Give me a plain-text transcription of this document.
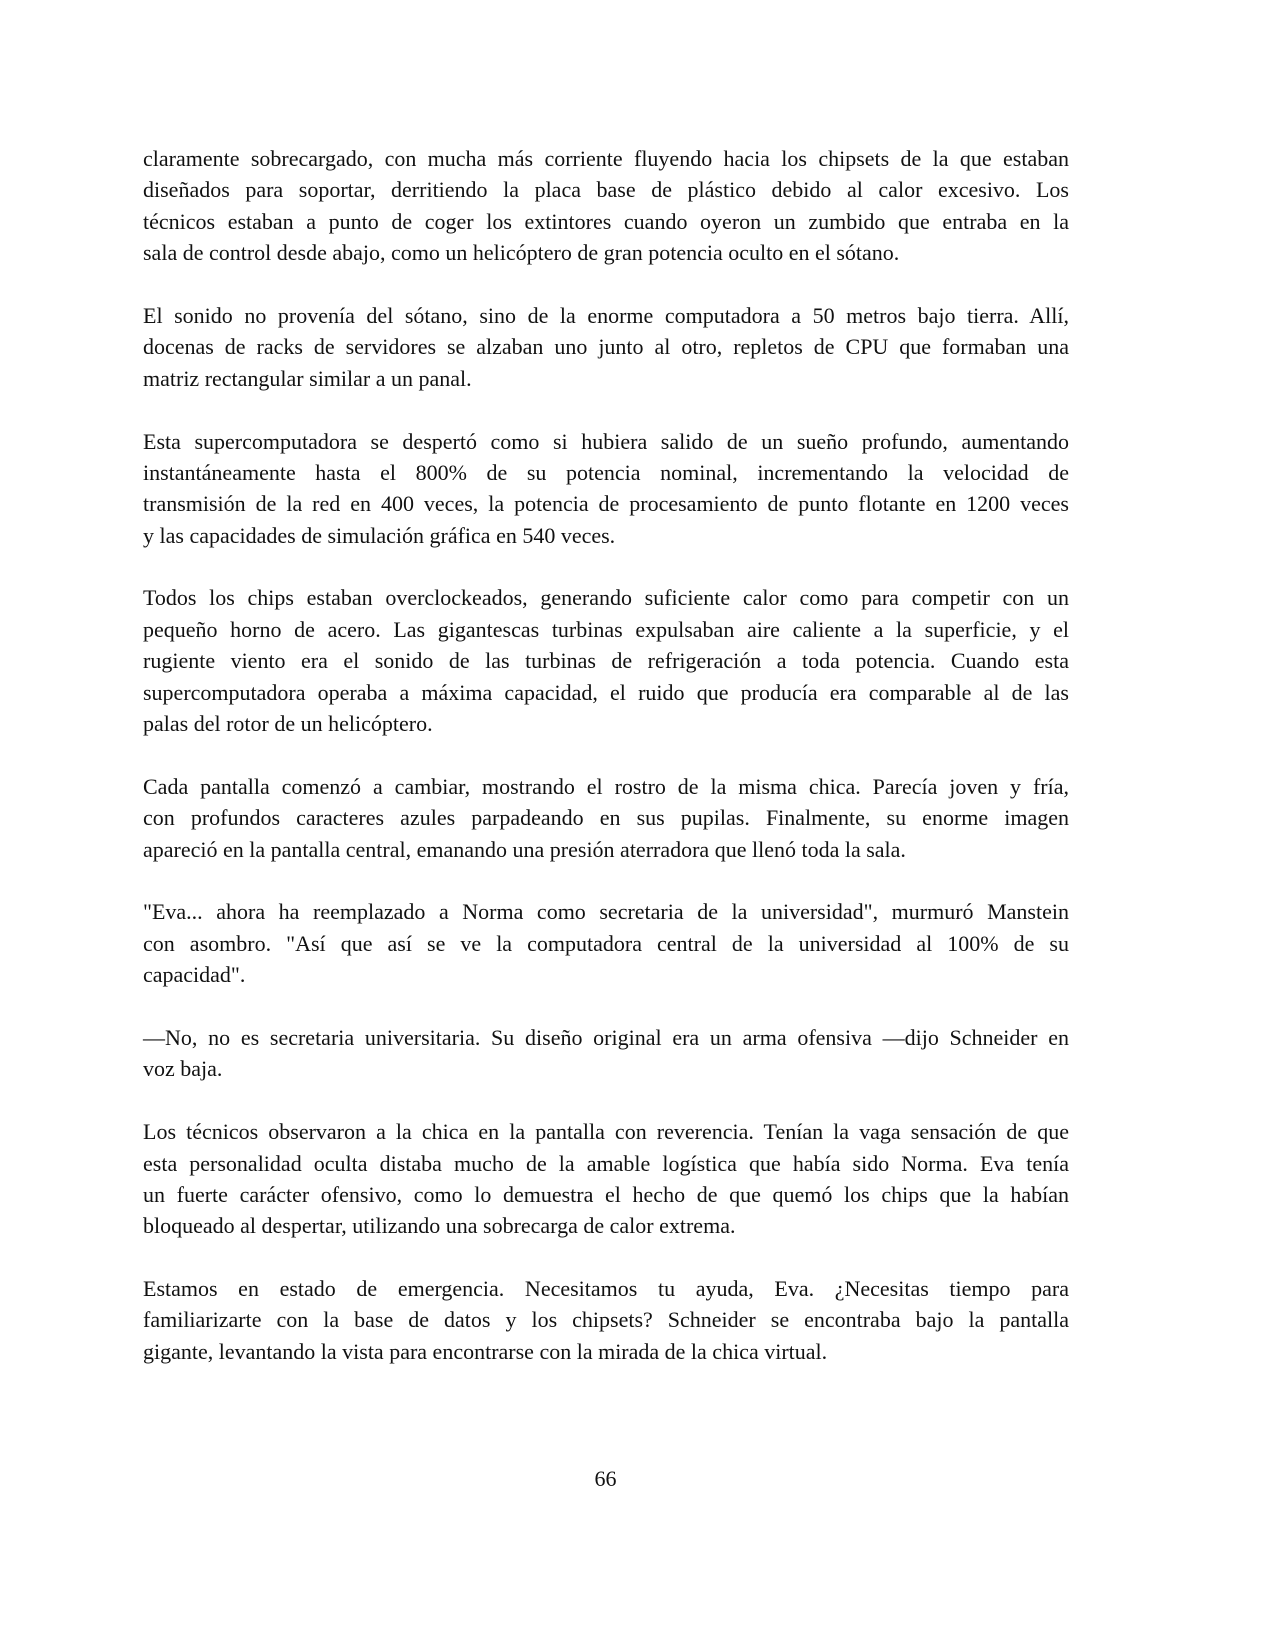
claramente sobrecargado, con mucha más corriente fluyendo hacia los chipsets de la que estaban
diseñados para soportar, derritiendo la placa base de plástico debido al calor excesivo. Los
técnicos estaban a punto de coger los extintores cuando oyeron un zumbido que entraba en la
sala de control desde abajo, como un helicóptero de gran potencia oculto en el sótano.
El sonido no provenía del sótano, sino de la enorme computadora a 50 metros bajo tierra. Allí,
docenas de racks de servidores se alzaban uno junto al otro, repletos de CPU que formaban una
matriz rectangular similar a un panal.
Esta supercomputadora se despertó como si hubiera salido de un sueño profundo, aumentando
instantáneamente hasta el 800% de su potencia nominal, incrementando la velocidad de
transmisión de la red en 400 veces, la potencia de procesamiento de punto flotante en 1200 veces
y las capacidades de simulación gráfica en 540 veces.
Todos los chips estaban overclockeados, generando suficiente calor como para competir con un
pequeño horno de acero. Las gigantescas turbinas expulsaban aire caliente a la superficie, y el
rugiente viento era el sonido de las turbinas de refrigeración a toda potencia. Cuando esta
supercomputadora operaba a máxima capacidad, el ruido que producía era comparable al de las
palas del rotor de un helicóptero.
Cada pantalla comenzó a cambiar, mostrando el rostro de la misma chica. Parecía joven y fría,
con profundos caracteres azules parpadeando en sus pupilas. Finalmente, su enorme imagen
apareció en la pantalla central, emanando una presión aterradora que llenó toda la sala.
"Eva... ahora ha reemplazado a Norma como secretaria de la universidad", murmuró Manstein
con asombro. "Así que así se ve la computadora central de la universidad al 100% de su
capacidad".
—No, no es secretaria universitaria. Su diseño original era un arma ofensiva —dijo Schneider en
voz baja.
Los técnicos observaron a la chica en la pantalla con reverencia. Tenían la vaga sensación de que
esta personalidad oculta distaba mucho de la amable logística que había sido Norma. Eva tenía
un fuerte carácter ofensivo, como lo demuestra el hecho de que quemó los chips que la habían
bloqueado al despertar, utilizando una sobrecarga de calor extrema.
Estamos en estado de emergencia. Necesitamos tu ayuda, Eva. ¿Necesitas tiempo para
familiarizarte con la base de datos y los chipsets? Schneider se encontraba bajo la pantalla
gigante, levantando la vista para encontrarse con la mirada de la chica virtual.
66
